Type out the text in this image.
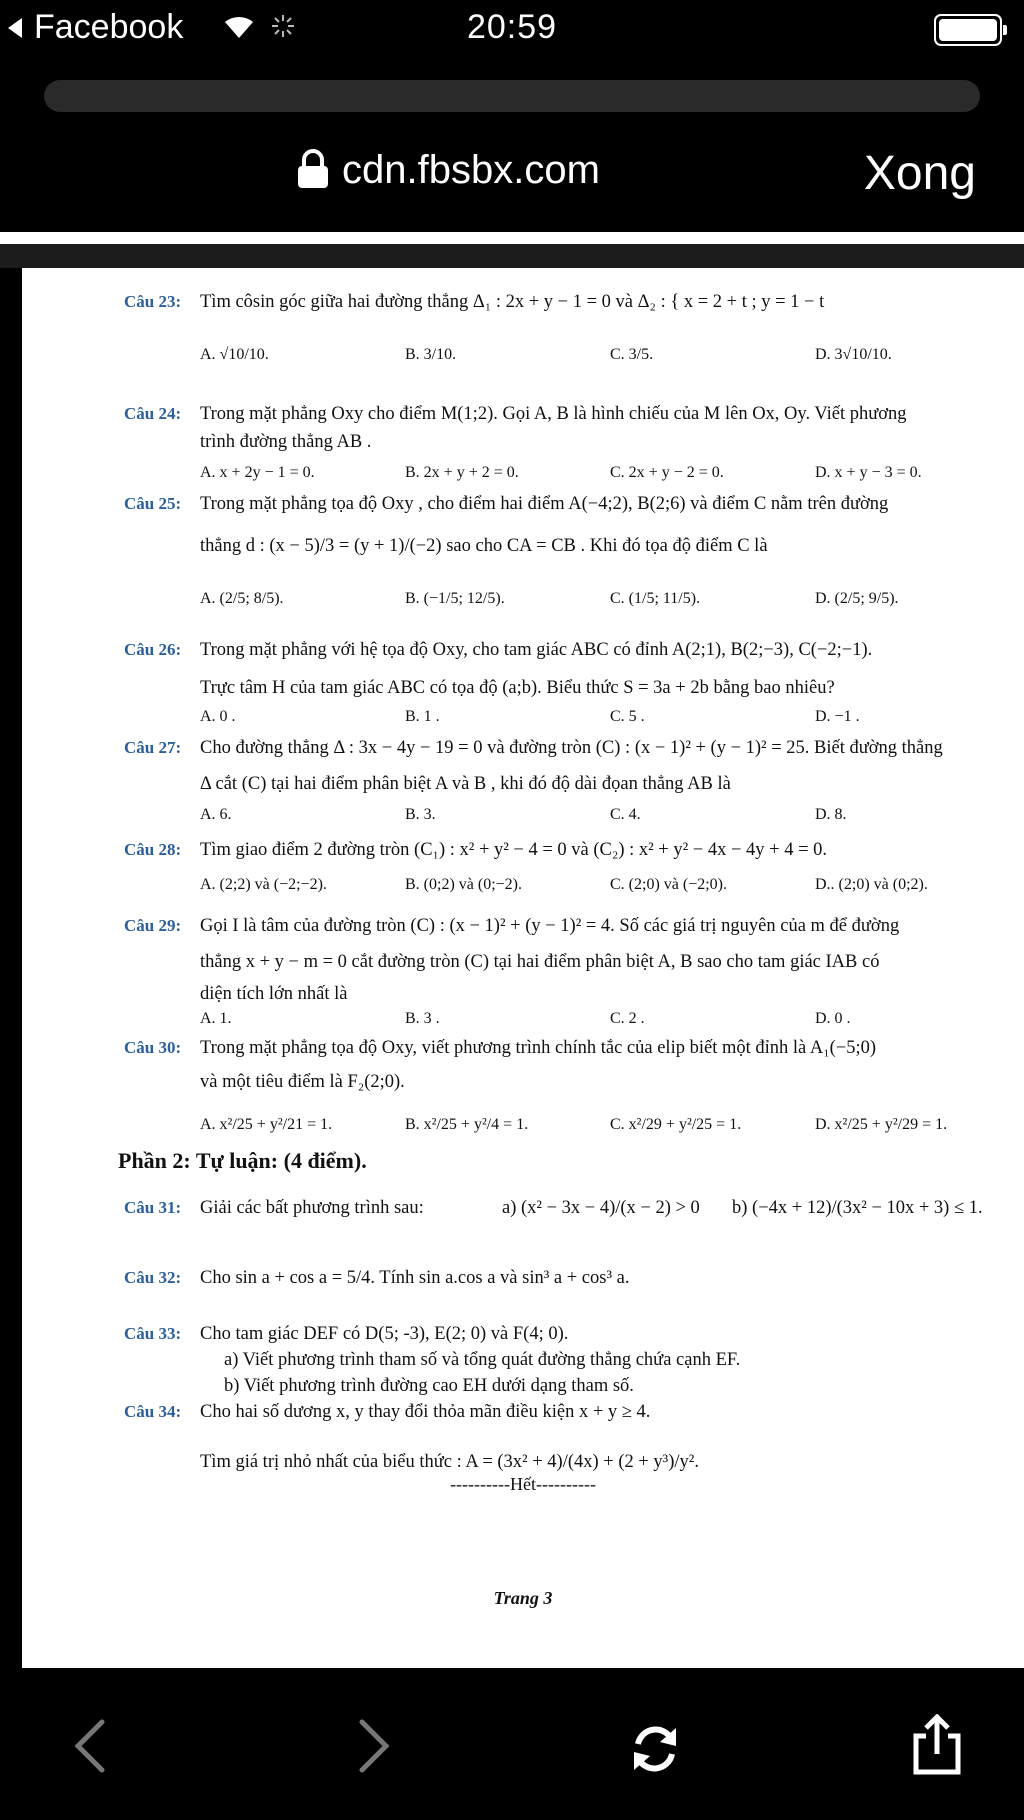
Facebook	20:59
cdn.fbsbx.com	Xong
Câu 23: Tìm côsin góc giữa hai đường thẳng Δ₁ : 2x + y − 1 = 0 và Δ₂ : { x = 2 + t ; y = 1 − t
A. √10/10.	B. 3/10.	C. 3/5.	D. 3√10/10.
Câu 24: Trong mặt phẳng Oxy cho điểm M(1;2). Gọi A, B là hình chiếu của M lên Ox, Oy. Viết phương
trình đường thẳng AB .
A. x + 2y − 1 = 0.	B. 2x + y + 2 = 0.	C. 2x + y − 2 = 0.	D. x + y − 3 = 0.
Câu 25: Trong mặt phẳng tọa độ Oxy , cho điểm hai điểm A(−4;2), B(2;6) và điểm C nằm trên đường
thẳng d : (x − 5)/3 = (y + 1)/(−2) sao cho CA = CB . Khi đó tọa độ điểm C là
A. (2/5; 8/5).	B. (−1/5; 12/5).	C. (1/5; 11/5).	D. (2/5; 9/5).
Câu 26: Trong mặt phẳng với hệ tọa độ Oxy, cho tam giác ABC có đỉnh A(2;1), B(2;−3), C(−2;−1).
Trực tâm H của tam giác ABC có tọa độ (a;b). Biểu thức S = 3a + 2b bằng bao nhiêu?
A. 0 .	B. 1 .	C. 5 .	D. −1 .
Câu 27: Cho đường thẳng Δ : 3x − 4y − 19 = 0 và đường tròn (C) : (x − 1)² + (y − 1)² = 25. Biết đường thẳng
Δ cắt (C) tại hai điểm phân biệt A và B , khi đó độ dài đọan thẳng AB là
A. 6.	B. 3.	C. 4.	D. 8.
Câu 28: Tìm giao điểm 2 đường tròn (C₁) : x² + y² − 4 = 0 và (C₂) : x² + y² − 4x − 4y + 4 = 0.
A. (2;2) và (−2;−2).	B. (0;2) và (0;−2).	C. (2;0) và (−2;0).	D.. (2;0) và (0;2).
Câu 29: Gọi I là tâm của đường tròn (C) : (x − 1)² + (y − 1)² = 4. Số các giá trị nguyên của m để đường
thẳng x + y − m = 0 cắt đường tròn (C) tại hai điểm phân biệt A, B sao cho tam giác IAB có
diện tích lớn nhất là
A. 1.	B. 3 .	C. 2 .	D. 0 .
Câu 30: Trong mặt phẳng tọa độ Oxy, viết phương trình chính tắc của elip biết một đỉnh là A₁(−5;0)
và một tiêu điểm là F₂(2;0).
A. x²/25 + y²/21 = 1.	B. x²/25 + y²/4 = 1.	C. x²/29 + y²/25 = 1.	D. x²/25 + y²/29 = 1.
Phần 2: Tự luận: (4 điểm).
Câu 31: Giải các bất phương trình sau:	a) (x² − 3x − 4)/(x − 2) > 0 b) (−4x + 12)/(3x² − 10x + 3) ≤ 1.
Câu 32: Cho sin a + cos a = 5/4. Tính sin a.cos a và sin³ a + cos³ a.
Câu 33: Cho tam giác DEF có D(5; -3), E(2; 0) và F(4; 0).
a) Viết phương trình tham số và tổng quát đường thẳng chứa cạnh EF.
b) Viết phương trình đường cao EH dưới dạng tham số.
Câu 34: Cho hai số dương x, y thay đổi thỏa mãn điều kiện x + y ≥ 4.
Tìm giá trị nhỏ nhất của biểu thức : A = (3x² + 4)/(4x) + (2 + y³)/y².
----------Hết----------
Trang 3
